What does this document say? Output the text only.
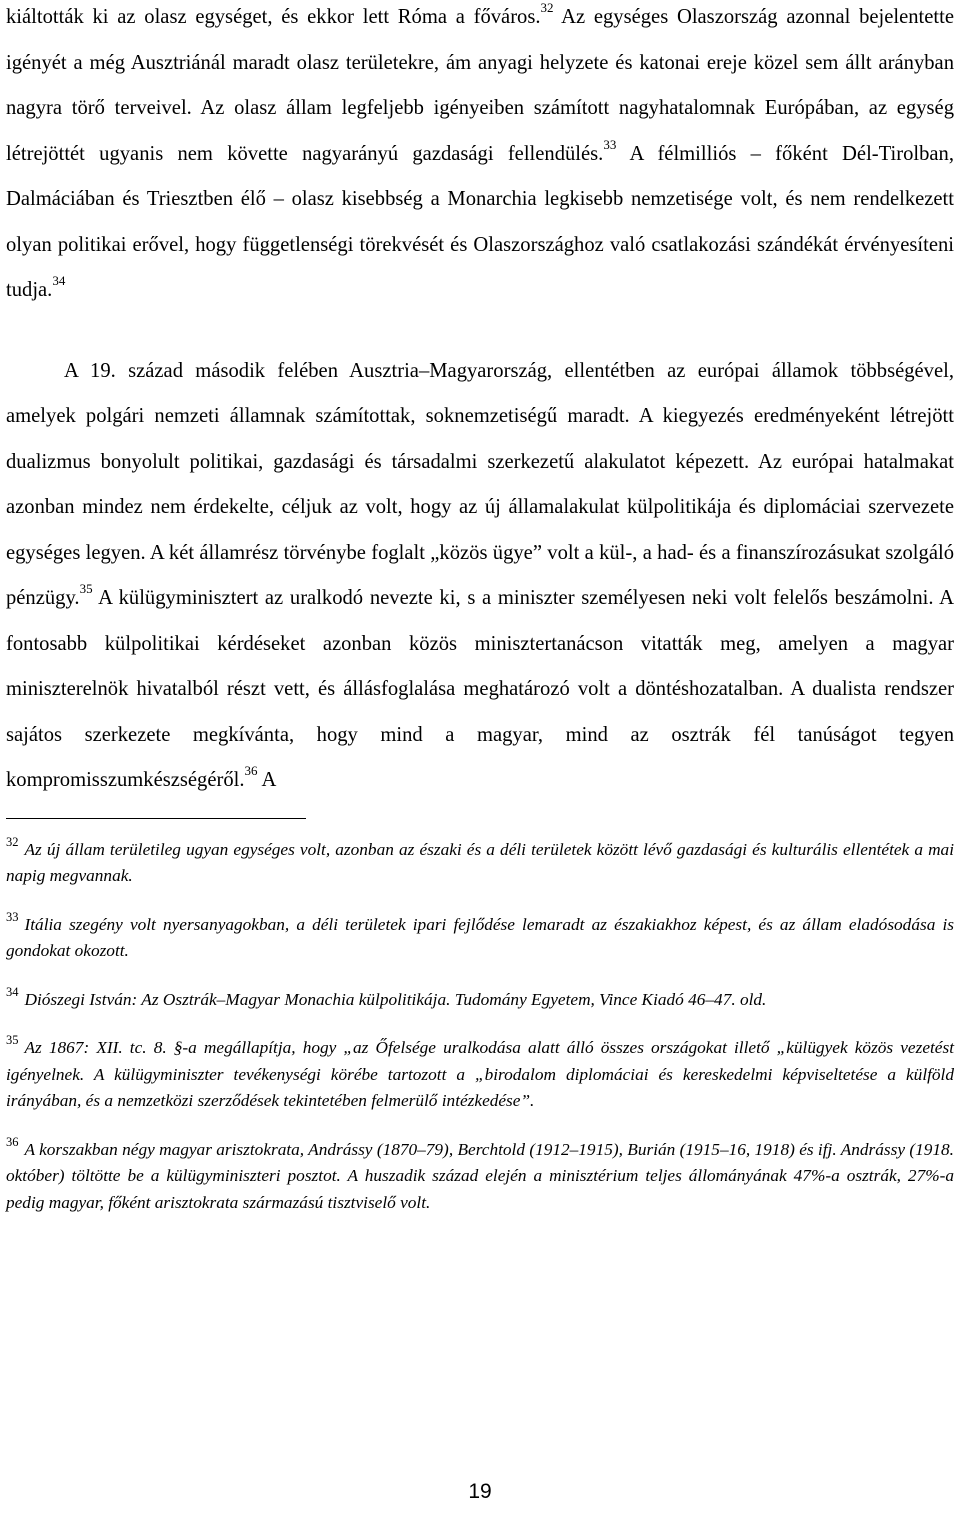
kiáltották ki az olasz egységet, és ekkor lett Róma a főváros.$^{32}$ Az egységes Olaszország azonnal bejelentette igényét a még Ausztriánál maradt olasz területekre, ám anyagi helyzete és katonai ereje közel sem állt arányban nagyra törő terveivel. Az olasz állam legfeljebb igényeiben számított nagyhatalomnak Európában, az egység létrejöttét ugyanis nem követte nagyarányú gazdasági fellendülés.$^{33}$ A félmilliós – főként Dél-Tirolban, Dalmáciában és Triesztben élő – olasz kisebbség a Monarchia legkisebb nemzetisége volt, és nem rendelkezett olyan politikai erővel, hogy függetlenségi törekvését és Olaszországhoz való csatlakozási szándékát érvényesíteni tudja.$^{34}$

A 19. század második felében Ausztria–Magyarország, ellentétben az európai államok többségével, amelyek polgári nemzeti államnak számítottak, soknemzetiségű maradt. A kiegyezés eredményeként létrejött dualizmus bonyolult politikai, gazdasági és társadalmi szerkezetű alakulatot képezett. Az európai hatalmakat azonban mindez nem érdekelte, céljuk az volt, hogy az új államalakulat külpolitikája és diplomáciai szervezete egységes legyen. A két államrész törvénybe foglalt „közös ügye” volt a kül-, a had- és a finanszírozásukat szolgáló pénzügy.$^{35}$ A külügyminisztert az uralkodó nevezte ki, s a miniszter személyesen neki volt felelős beszámolni. A fontosabb külpolitikai kérdéseket azonban közös minisztertanácson vitatták meg, amelyen a magyar miniszterelnök hivatalból részt vett, és állásfoglalása meghatározó volt a döntéshozatalban. A dualista rendszer sajátos szerkezete megkívánta, hogy mind a magyar, mind az osztrák fél tanúságot tegyen kompromisszumkészségéről.$^{36}$ A

$^{32}$ Az új állam területileg ugyan egységes volt, azonban az északi és a déli területek között lévő gazdasági és kulturális ellentétek a mai napig megvannak.

$^{33}$ Itália szegény volt nyersanyagokban, a déli területek ipari fejlődése lemaradt az északiakhoz képest, és az állam eladósodása is gondokat okozott.

$^{34}$ Diószegi István: Az Osztrák–Magyar Monachia külpolitikája. Tudomány Egyetem, Vince Kiadó 46–47. old.

$^{35}$ Az 1867: XII. tc. 8. §-a megállapítja, hogy „az Őfelsége uralkodása alatt álló összes országokat illető „külügyek közös vezetést igényelnek. A külügyminiszter tevékenységi körébe tartozott a „birodalom diplomáciai és kereskedelmi képviseltetése a külföld irányában, és a nemzetközi szerződések tekintetében felmerülő intézkedése”.

$^{36}$ A korszakban négy magyar arisztokrata, Andrássy (1870–79), Berchtold (1912–1915), Burián (1915–16, 1918) és ifj. Andrássy (1918. október) töltötte be a külügyminiszteri posztot. A huszadik század elején a minisztérium teljes állományának 47%-a osztrák, 27%-a pedig magyar, főként arisztokrata származású tisztviselő volt.

19
